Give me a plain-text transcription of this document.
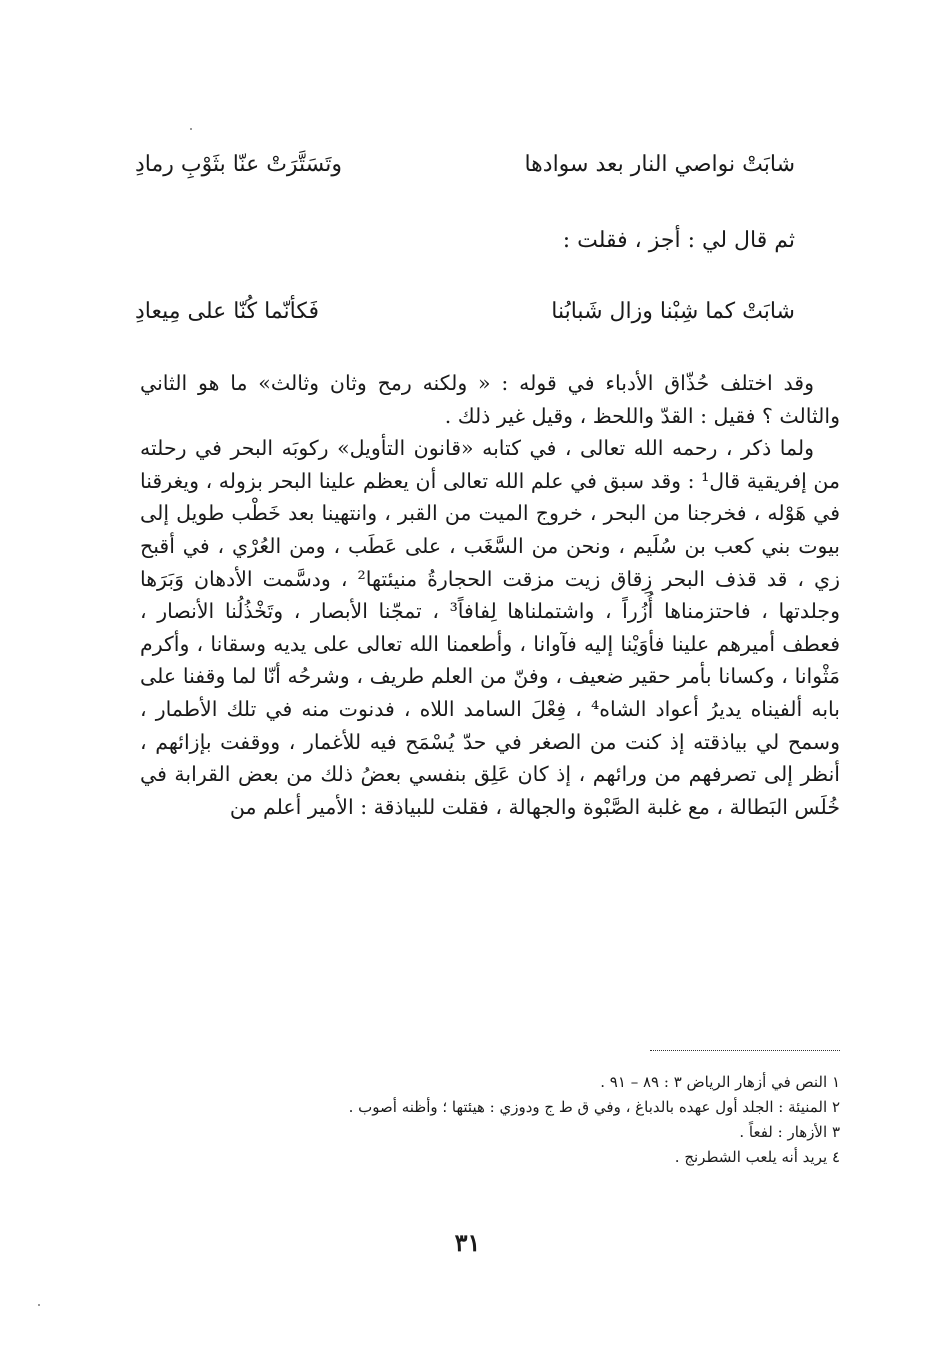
شابَتْ نواصي النار بعد سوادها
وتَسَتَّرَتْ عنّا بثَوْبِ رمادِ
ثم قال لي : أجز ، فقلت :
شابَتْ كما شِبْنا وزال شَبابُنا
فَكأنّما كُنّا على مِيعادِ

وقد اختلف حُذّاق الأدباء في قوله : « ولكنه رمح وثان وثالث» ما هو الثاني والثالث ؟ فقيل : القدّ واللحظ ، وقيل غير ذلك .

ولما ذكر ، رحمه الله تعالى ، في كتابه «قانون التأويل» ركوبَه البحر في رحلته من إفريقية قال¹ : وقد سبق في علم الله تعالى أن يعظم علينا البحر بزوله ، ويغرقنا في هَوْله ، فخرجنا من البحر ، خروج الميت من القبر ، وانتهينا بعد خَطْب طويل إلى بيوت بني كعب بن سُلَيم ، ونحن من السَّغَب ، على عَطَب ، ومن العُرْي ، في أقبح زي ، قد قذف البحر زِقاق زيت مزقت الحجارةُ منيئتها² ، ودسَّمت الأدهان وَبَرَها وجلدتها ، فاحتزمناها أُزُراً ، واشتملناها لِفافاً³ ، تمجّنا الأبصار ، وتَخْذُلُنا الأنصار ، فعطف أميرهم علينا فأوَيْنا إليه فآوانا ، وأطعمنا الله تعالى على يديه وسقانا ، وأكرم مَثْوانا ، وكسانا بأمر حقير ضعيف ، وفنّ من العلم طريف ، وشرحُه أنّا لما وقفنا على بابه ألفيناه يديرُ أعواد الشاه⁴ ، فِعْلَ السامد اللاه ، فدنوت منه في تلك الأطمار ، وسمح لي بياذقته إذ كنت من الصغر في حدّ يُسْمَح فيه للأغمار ، ووقفت بإزائهم ، أنظر إلى تصرفهم من ورائهم ، إذ كان عَلِق بنفسي بعضُ ذلك من بعض القرابة في خُلَس البَطالة ، مع غلبة الصَّبْوة والجهالة ، فقلت للبياذقة : الأمير أعلم من

١ النص في أزهار الرياض ٣ : ٨٩ – ٩١ .
٢ المنيئة : الجلد أول عهده بالدباغ ، وفي ق ط ج ودوزي : هيئتها ؛ وأظنه أصوب .
٣ الأزهار : لفعاً .
٤ يريد أنه يلعب الشطرنج .
٣١
